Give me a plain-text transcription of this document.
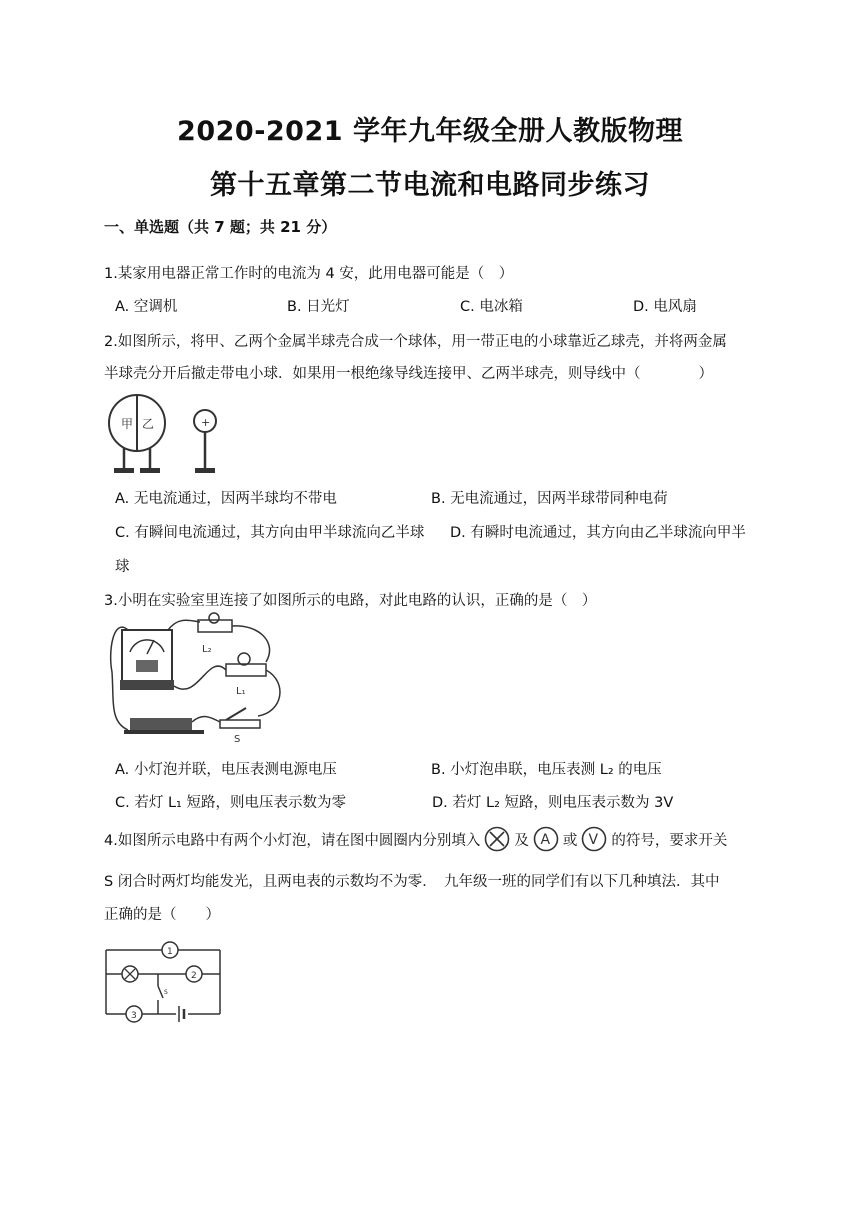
2020-2021 学年九年级全册人教版物理
第十五章第二节电流和电路同步练习
一、单选题（共 7 题；共 21 分）
1.某家用电器正常工作时的电流为 4 安，此用电器可能是（　）
A. 空调机	B. 日光灯	C. 电冰箱	D. 电风扇
2.如图所示，将甲、乙两个金属半球壳合成一个球体，用一带正电的小球靠近乙球壳，并将两金属
半球壳分开后撤走带电小球．如果用一根绝缘导线连接甲、乙两半球壳，则导线中（　　　　）
甲 乙	+
A. 无电流通过，因两半球均不带电	B. 无电流通过，因两半球带同种电荷
C. 有瞬间电流通过，其方向由甲半球流向乙半球 D. 有瞬时电流通过，其方向由乙半球流向甲半
球
3.小明在实验室里连接了如图所示的电路，对此电路的认识，正确的是（　）
L₂
L₁
S
A. 小灯泡并联，电压表测电源电压	B. 小灯泡串联，电压表测 L₂ 的电压
C. 若灯 L₁ 短路，则电压表示数为零	D. 若灯 L₂ 短路，则电压表示数为 3V
4.如图所示电路中有两个小灯泡，请在图中圆圈内分别填入 及 A 或 V 的符号，要求开关
S 闭合时两灯均能发光，且两电表的示数均不为零．　九年级一班的同学们有以下几种填法．其中
正确的是（　　）
1
2
3
S
